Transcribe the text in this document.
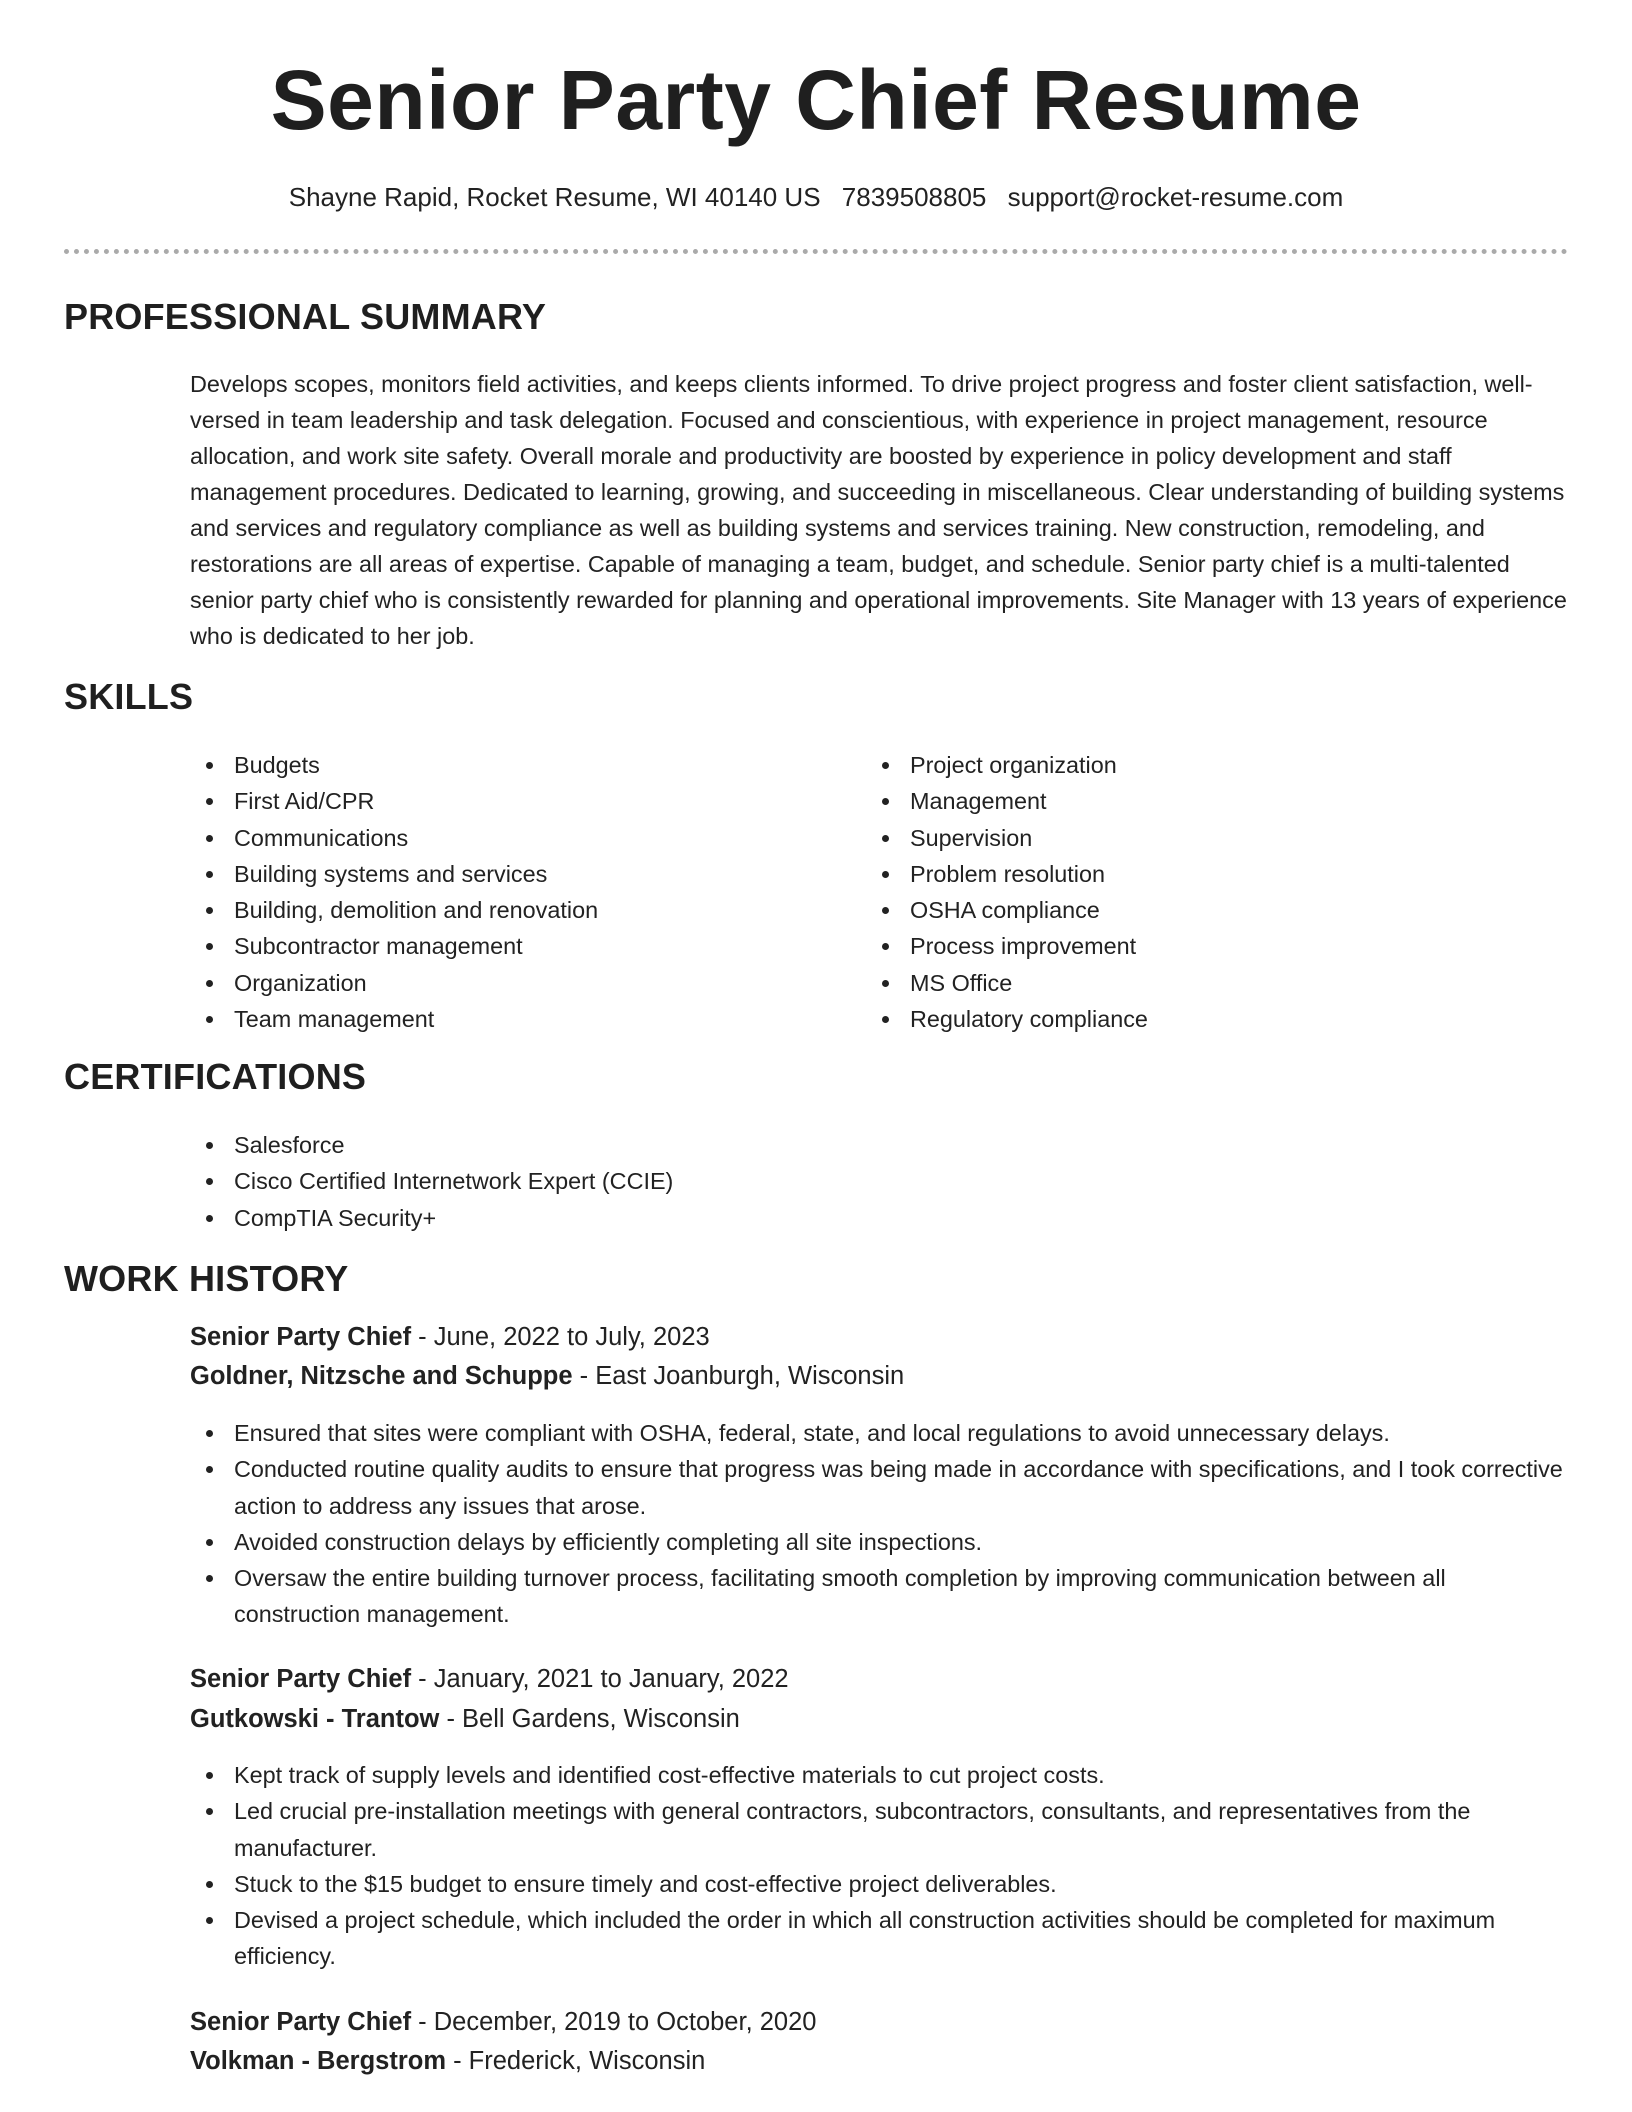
Senior Party Chief Resume
Shayne Rapid, Rocket Resume, WI 40140 US 7839508805 support@rocket-resume.com
PROFESSIONAL SUMMARY

Develops scopes, monitors field activities, and keeps clients informed. To drive project progress and foster client satisfaction, well-versed in team leadership and task delegation. Focused and conscientious, with experience in project management, resource allocation, and work site safety. Overall morale and productivity are boosted by experience in policy development and staff management procedures. Dedicated to learning, growing, and succeeding in miscellaneous. Clear understanding of building systems and services and regulatory compliance as well as building systems and services training. New construction, remodeling, and restorations are all areas of expertise. Capable of managing a team, budget, and schedule. Senior party chief is a multi-talented senior party chief who is consistently rewarded for planning and operational improvements. Site Manager with 13 years of experience who is dedicated to her job.

SKILLS
Budgets
First Aid/CPR
Communications
Building systems and services
Building, demolition and renovation
Subcontractor management
Organization
Team management
Project organization
Management
Supervision
Problem resolution
OSHA compliance
Process improvement
MS Office
Regulatory compliance
CERTIFICATIONS
Salesforce
Cisco Certified Internetwork Expert (CCIE)
CompTIA Security+
WORK HISTORY
Senior Party Chief - June, 2022 to July, 2023
Goldner, Nitzsche and Schuppe - East Joanburgh, Wisconsin
Ensured that sites were compliant with OSHA, federal, state, and local regulations to avoid unnecessary delays.
Conducted routine quality audits to ensure that progress was being made in accordance with specifications, and I took corrective action to address any issues that arose.
Avoided construction delays by efficiently completing all site inspections.
Oversaw the entire building turnover process, facilitating smooth completion by improving communication between all construction management.
Senior Party Chief - January, 2021 to January, 2022
Gutkowski - Trantow - Bell Gardens, Wisconsin
Kept track of supply levels and identified cost-effective materials to cut project costs.
Led crucial pre-installation meetings with general contractors, subcontractors, consultants, and representatives from the manufacturer.
Stuck to the $15 budget to ensure timely and cost-effective project deliverables.
Devised a project schedule, which included the order in which all construction activities should be completed for maximum efficiency.
Senior Party Chief - December, 2019 to October, 2020
Volkman - Bergstrom - Frederick, Wisconsin
